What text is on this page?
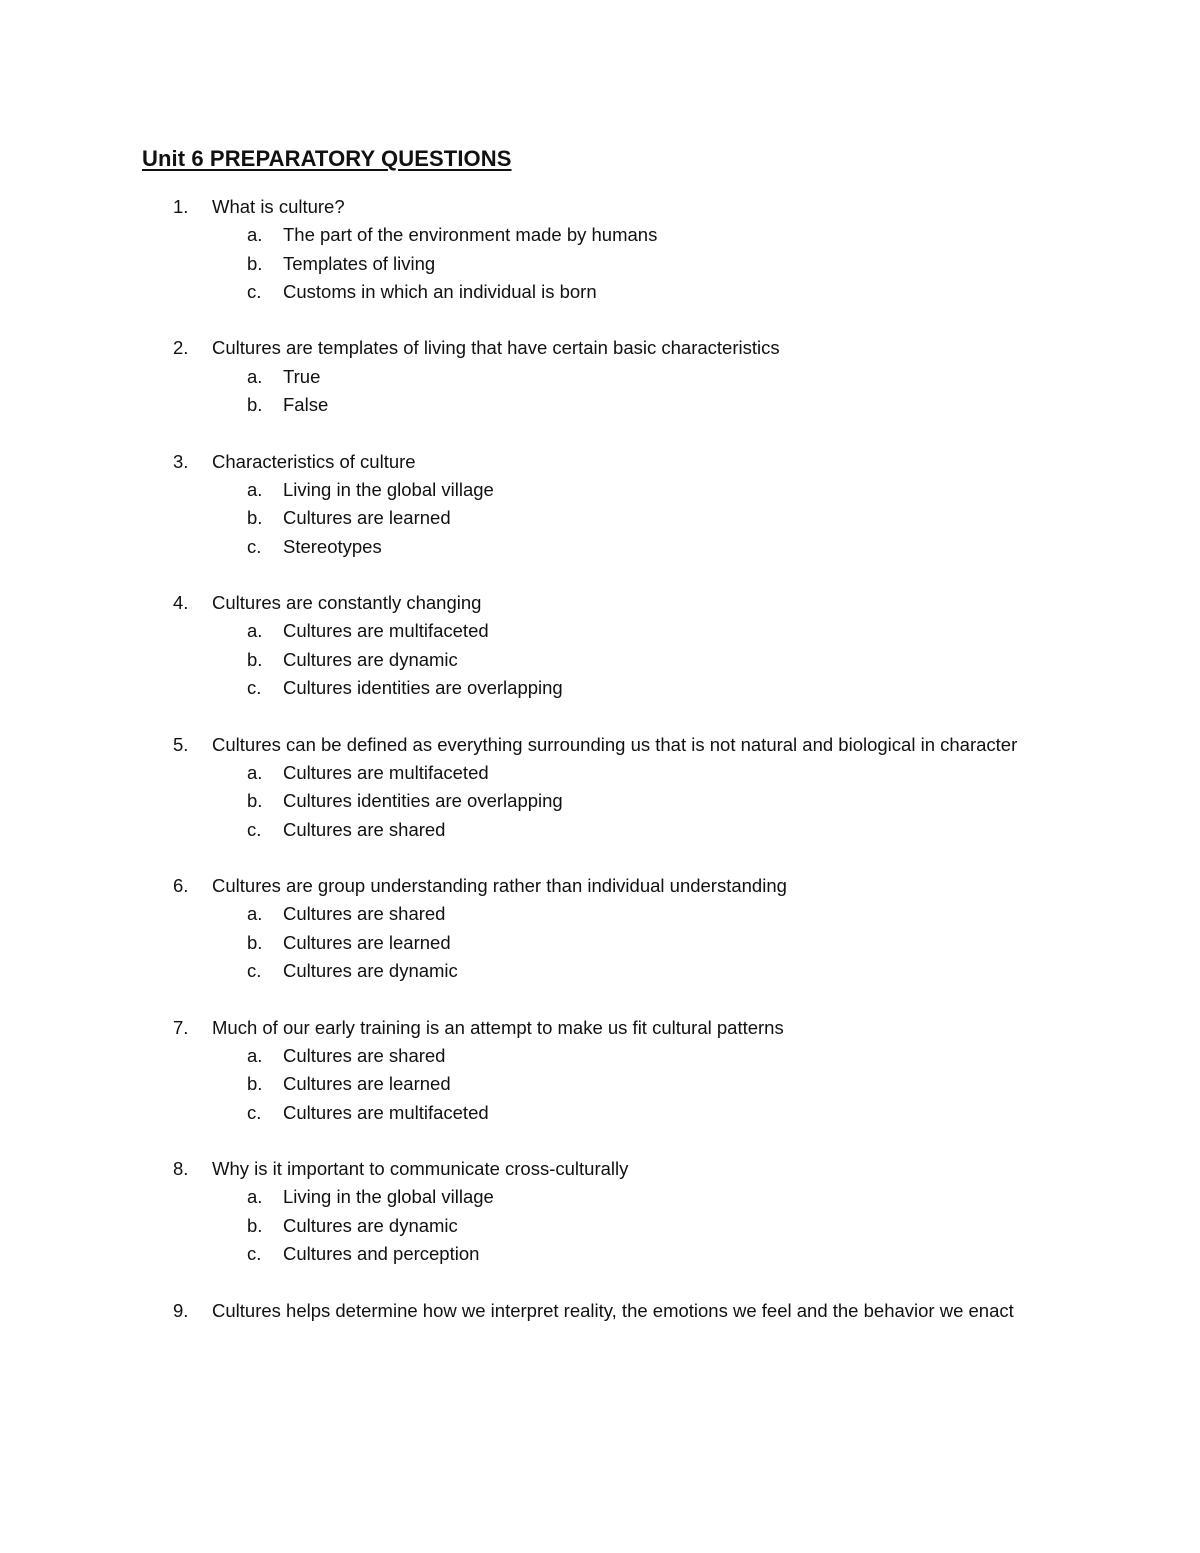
Unit 6 PREPARATORY QUESTIONS
1. What is culture?
a. The part of the environment made by humans
b. Templates of living
c. Customs in which an individual is born
2. Cultures are templates of living that have certain basic characteristics
a. True
b. False
3. Characteristics of culture
a. Living in the global village
b. Cultures are learned
c. Stereotypes
4. Cultures are constantly changing
a. Cultures are multifaceted
b. Cultures are dynamic
c. Cultures identities are overlapping
5. Cultures can be defined as everything surrounding us that is not natural and biological in character
a. Cultures are multifaceted
b. Cultures identities are overlapping
c. Cultures are shared
6. Cultures are group understanding rather than individual understanding
a. Cultures are shared
b. Cultures are learned
c. Cultures are dynamic
7. Much of our early training is an attempt to make us fit cultural patterns
a. Cultures are shared
b. Cultures are learned
c. Cultures are multifaceted
8. Why is it important to communicate cross-culturally
a. Living in the global village
b. Cultures are dynamic
c. Cultures and perception
9. Cultures helps determine how we interpret reality, the emotions we feel and the behavior we enact
